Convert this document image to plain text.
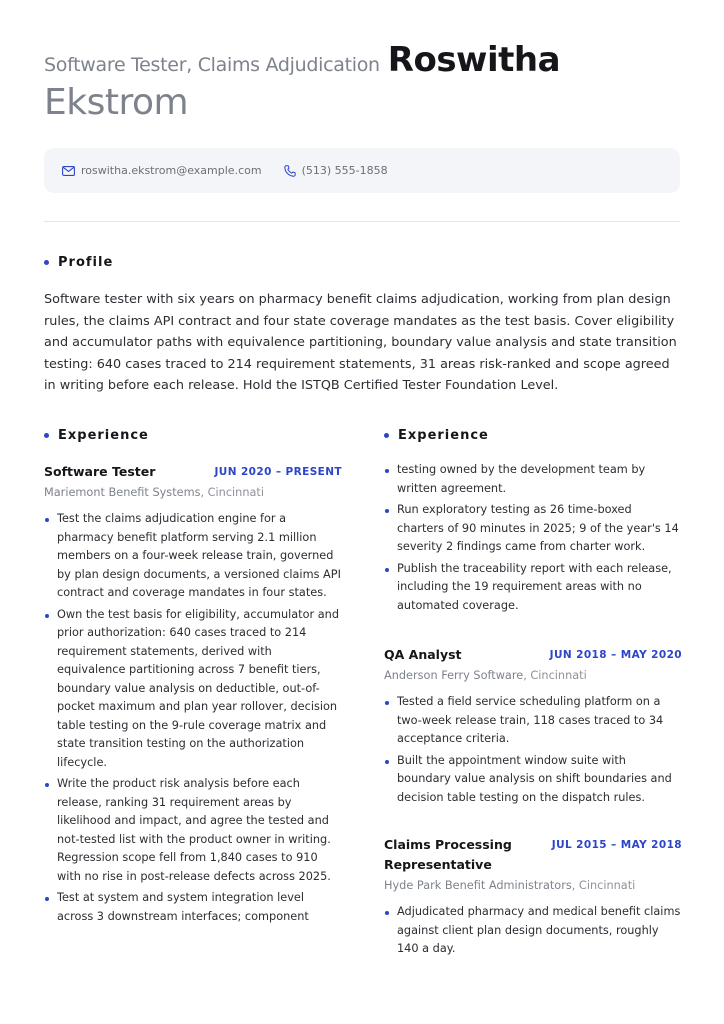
Software Tester, Claims Adjudication Roswitha
Ekstrom
roswitha.ekstrom@example.com	(513) 555-1858
Profile

Software tester with six years on pharmacy benefit claims adjudication, working from plan design rules, the claims API contract and four state coverage mandates as the test basis. Cover eligibility and accumulator paths with equivalence partitioning, boundary value analysis and state transition testing: 640 cases traced to 214 requirement statements, 31 areas risk-ranked and scope agreed in writing before each release. Hold the ISTQB Certified Tester Foundation Level.

Experience
Software Tester	JUN 2020 – PRESENT
Mariemont Benefit Systems, Cincinnati
Test the claims adjudication engine for a pharmacy benefit platform serving 2.1 million members on a four-week release train, governed by plan design documents, a versioned claims API contract and coverage mandates in four states.
Own the test basis for eligibility, accumulator and prior authorization: 640 cases traced to 214 requirement statements, derived with equivalence partitioning across 7 benefit tiers, boundary value analysis on deductible, out-of-pocket maximum and plan year rollover, decision table testing on the 9-rule coverage matrix and state transition testing on the authorization lifecycle.
Write the product risk analysis before each release, ranking 31 requirement areas by likelihood and impact, and agree the tested and not-tested list with the product owner in writing. Regression scope fell from 1,840 cases to 910 with no rise in post-release defects across 2025.
Test at system and system integration level across 3 downstream interfaces; component
Experience
testing owned by the development team by written agreement.
Run exploratory testing as 26 time-boxed charters of 90 minutes in 2025; 9 of the year's 14 severity 2 findings came from charter work.
Publish the traceability report with each release, including the 19 requirement areas with no automated coverage.
QA Analyst	JUN 2018 – MAY 2020
Anderson Ferry Software, Cincinnati
Tested a field service scheduling platform on a two-week release train, 118 cases traced to 34 acceptance criteria.
Built the appointment window suite with boundary value analysis on shift boundaries and decision table testing on the dispatch rules.
Claims Processing Representative
JUL 2015 – MAY 2018
Hyde Park Benefit Administrators, Cincinnati
Adjudicated pharmacy and medical benefit claims against client plan design documents, roughly 140 a day.
